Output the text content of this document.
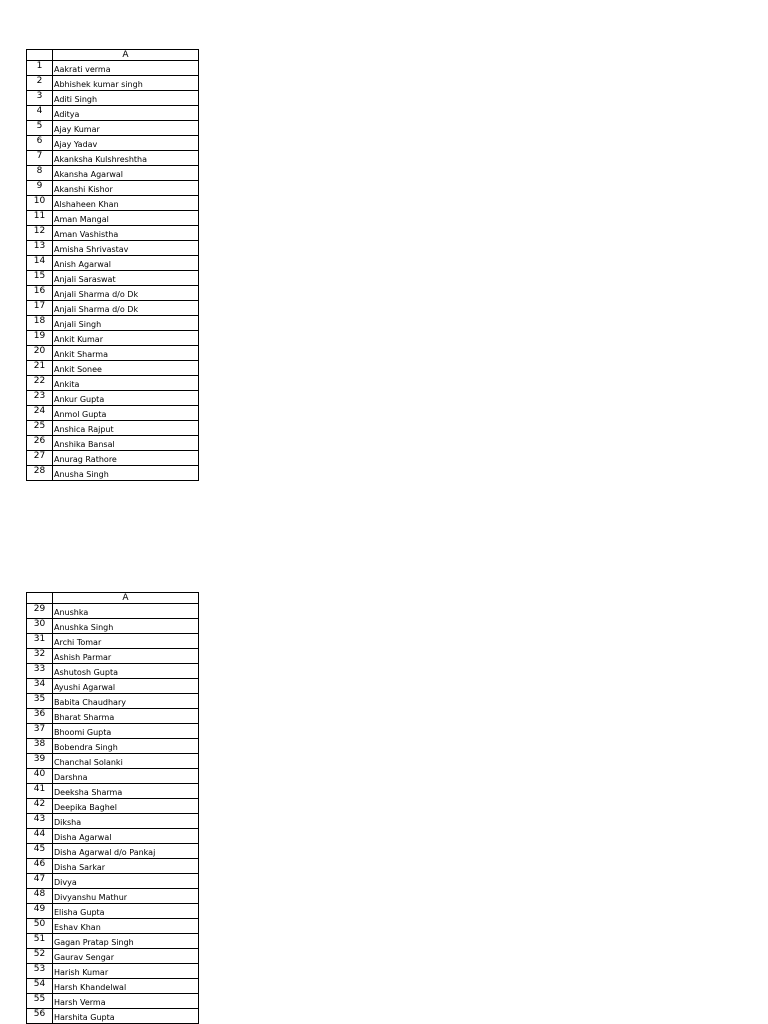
	A
1	Aakrati verma
2	Abhishek kumar singh
3	Aditi Singh
4	Aditya
5	Ajay Kumar
6	Ajay Yadav
7	Akanksha Kulshreshtha
8	Akansha Agarwal
9	Akanshi Kishor
10	Alshaheen Khan
11	Aman Mangal
12	Aman Vashistha
13	Amisha Shrivastav
14	Anish Agarwal
15	Anjali Saraswat
16	Anjali Sharma d/o Dk
17	Anjali Sharma d/o Dk
18	Anjali Singh
19	Ankit Kumar
20	Ankit Sharma
21	Ankit Sonee
22	Ankita
23	Ankur Gupta
24	Anmol Gupta
25	Anshica Rajput
26	Anshika Bansal
27	Anurag Rathore
28	Anusha Singh
	A
29	Anushka
30	Anushka Singh
31	Archi Tomar
32	Ashish Parmar
33	Ashutosh Gupta
34	Ayushi Agarwal
35	Babita Chaudhary
36	Bharat Sharma
37	Bhoomi Gupta
38	Bobendra Singh
39	Chanchal Solanki
40	Darshna
41	Deeksha Sharma
42	Deepika Baghel
43	Diksha
44	Disha Agarwal
45	Disha Agarwal d/o Pankaj
46	Disha Sarkar
47	Divya
48	Divyanshu Mathur
49	Elisha Gupta
50	Eshav Khan
51	Gagan Pratap Singh
52	Gaurav Sengar
53	Harish Kumar
54	Harsh Khandelwal
55	Harsh Verma
56	Harshita Gupta
